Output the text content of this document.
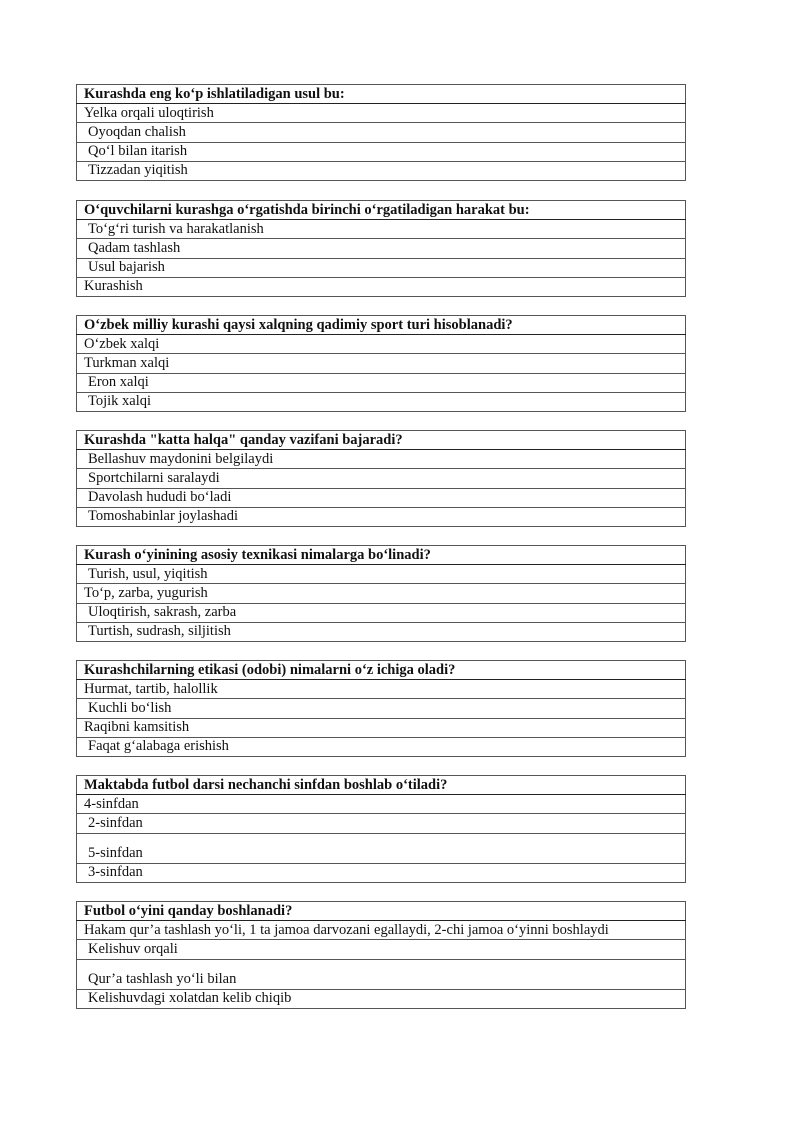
Kurashda eng ko‘p ishlatiladigan usul bu:
Yelka orqali uloqtirish
Oyoqdan chalish
Qo‘l bilan itarish
Tizzadan yiqitish
O‘quvchilarni kurashga o‘rgatishda birinchi o‘rgatiladigan harakat bu:
To‘g‘ri turish va harakatlanish
Qadam tashlash
Usul bajarish
Kurashish
O‘zbek milliy kurashi qaysi xalqning qadimiy sport turi hisoblanadi?
O‘zbek xalqi
Turkman xalqi
Eron xalqi
Tojik xalqi
Kurashda "katta halqa" qanday vazifani bajaradi?
Bellashuv maydonini belgilaydi
Sportchilarni saralaydi
Davolash hududi bo‘ladi
Tomoshabinlar joylashadi
Kurash o‘yinining asosiy texnikasi nimalarga bo‘linadi?
Turish, usul, yiqitish
To‘p, zarba, yugurish
Uloqtirish, sakrash, zarba
Turtish, sudrash, siljitish
Kurashchilarning etikasi (odobi) nimalarni o‘z ichiga oladi?
Hurmat, tartib, halollik
Kuchli bo‘lish
Raqibni kamsitish
Faqat g‘alabaga erishish
Maktabda futbol darsi nechanchi sinfdan boshlab o‘tiladi?
4-sinfdan
2-sinfdan
5-sinfdan
3-sinfdan
Futbol o‘yini qanday boshlanadi?
Hakam qur’a tashlash yo‘li, 1 ta jamoa darvozani egallaydi, 2-chi jamoa o‘yinni boshlaydi
Kelishuv orqali
Qur’a tashlash yo‘li bilan
Kelishuvdagi xolatdan kelib chiqib
